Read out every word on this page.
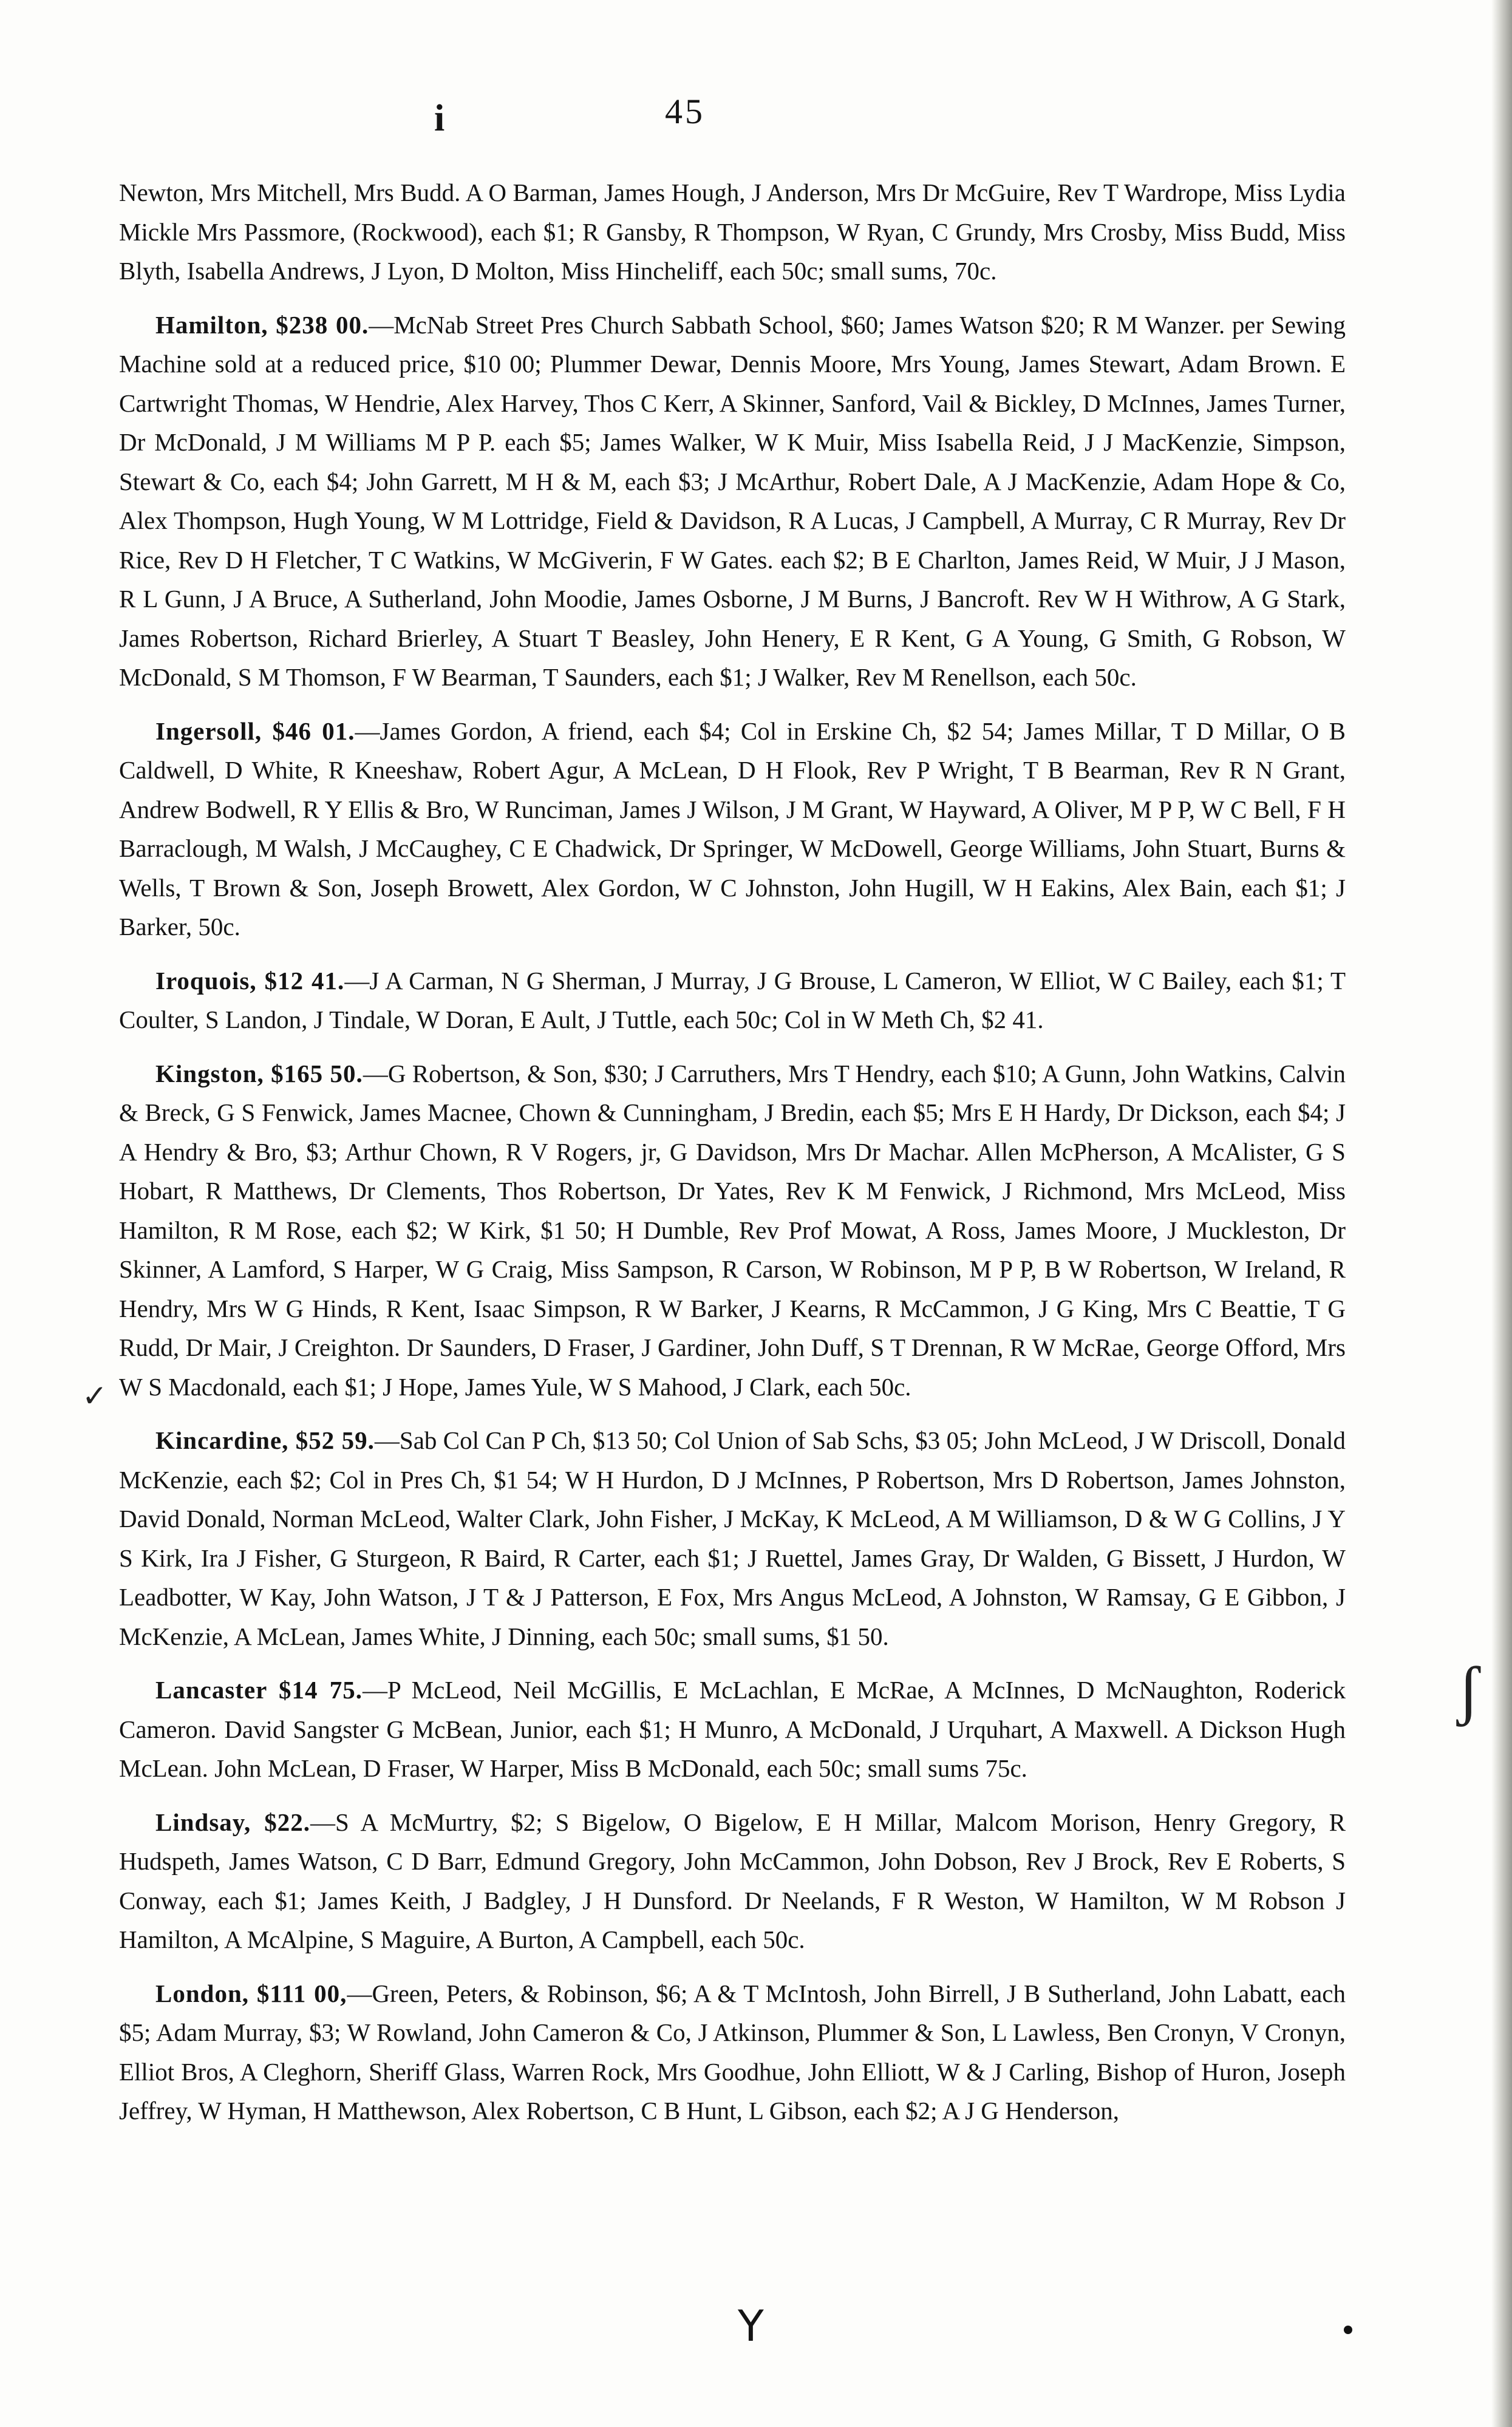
i	45

Newton, Mrs Mitchell, Mrs Budd. A O Barman, James Hough, J Anderson, Mrs Dr McGuire, Rev T Wardrope, Miss Lydia Mickle Mrs Passmore, (Rockwood), each $1; R Gansby, R Thompson, W Ryan, C Grundy, Mrs Crosby, Miss Budd, Miss Blyth, Isabella Andrews, J Lyon, D Molton, Miss Hincheliff, each 50c; small sums, 70c.

Hamilton, $238 00.—McNab Street Pres Church Sabbath School, $60; James Watson $20; R M Wanzer. per Sewing Machine sold at a reduced price, $10 00; Plummer Dewar, Dennis Moore, Mrs Young, James Stewart, Adam Brown. E Cartwright Thomas, W Hendrie, Alex Harvey, Thos C Kerr, A Skinner, Sanford, Vail & Bickley, D McInnes, James Turner, Dr McDonald, J M Williams M P P. each $5; James Walker, W K Muir, Miss Isabella Reid, J J MacKenzie, Simpson, Stewart & Co, each $4; John Garrett, M H & M, each $3; J McArthur, Robert Dale, A J MacKenzie, Adam Hope & Co, Alex Thompson, Hugh Young, W M Lottridge, Field & Davidson, R A Lucas, J Campbell, A Murray, C R Murray, Rev Dr Rice, Rev D H Fletcher, T C Watkins, W McGiverin, F W Gates. each $2; B E Charlton, James Reid, W Muir, J J Mason, R L Gunn, J A Bruce, A Sutherland, John Moodie, James Osborne, J M Burns, J Bancroft. Rev W H Withrow, A G Stark, James Robertson, Richard Brierley, A Stuart T Beasley, John Henery, E R Kent, G A Young, G Smith, G Robson, W McDonald, S M Thomson, F W Bearman, T Saunders, each $1; J Walker, Rev M Renellson, each 50c.

Ingersoll, $46 01.—James Gordon, A friend, each $4; Col in Erskine Ch, $2 54; James Millar, T D Millar, O B Caldwell, D White, R Kneeshaw, Robert Agur, A McLean, D H Flook, Rev P Wright, T B Bearman, Rev R N Grant, Andrew Bodwell, R Y Ellis & Bro, W Runciman, James J Wilson, J M Grant, W Hayward, A Oliver, M P P, W C Bell, F H Barraclough, M Walsh, J McCaughey, C E Chadwick, Dr Springer, W McDowell, George Williams, John Stuart, Burns & Wells, T Brown & Son, Joseph Browett, Alex Gordon, W C Johnston, John Hugill, W H Eakins, Alex Bain, each $1; J Barker, 50c.

Iroquois, $12 41.—J A Carman, N G Sherman, J Murray, J G Brouse, L Cameron, W Elliot, W C Bailey, each $1; T Coulter, S Landon, J Tindale, W Doran, E Ault, J Tuttle, each 50c; Col in W Meth Ch, $2 41.

Kingston, $165 50.—G Robertson, & Son, $30; J Carruthers, Mrs T Hendry, each $10; A Gunn, John Watkins, Calvin & Breck, G S Fenwick, James Macnee, Chown & Cunningham, J Bredin, each $5; Mrs E H Hardy, Dr Dickson, each $4; J A Hendry & Bro, $3; Arthur Chown, R V Rogers, jr, G Davidson, Mrs Dr Machar. Allen McPherson, A McAlister, G S Hobart, R Matthews, Dr Clements, Thos Robertson, Dr Yates, Rev K M Fenwick, J Richmond, Mrs McLeod, Miss Hamilton, R M Rose, each $2; W Kirk, $1 50; H Dumble, Rev Prof Mowat, A Ross, James Moore, J Muckleston, Dr Skinner, A Lamford, S Harper, W G Craig, Miss Sampson, R Carson, W Robinson, M P P, B W Robertson, W Ireland, R Hendry, Mrs W G Hinds, R Kent, Isaac Simpson, R W Barker, J Kearns, R McCammon, J G King, Mrs C Beattie, T G Rudd, Dr Mair, J Creighton. Dr Saunders, D Fraser, J Gardiner, John Duff, S T Drennan, R W McRae, George Offord, Mrs W S Macdonald, each $1; J Hope, James Yule, W S Mahood, J Clark, each 50c.

Kincardine, $52 59.—Sab Col Can P Ch, $13 50; Col Union of Sab Schs, $3 05; John McLeod, J W Driscoll, Donald McKenzie, each $2; Col in Pres Ch, $1 54; W H Hurdon, D J McInnes, P Robertson, Mrs D Robertson, James Johnston, David Donald, Norman McLeod, Walter Clark, John Fisher, J McKay, K McLeod, A M Williamson, D & W G Collins, J Y S Kirk, Ira J Fisher, G Sturgeon, R Baird, R Carter, each $1; J Ruettel, James Gray, Dr Walden, G Bissett, J Hurdon, W Leadbotter, W Kay, John Watson, J T & J Patterson, E Fox, Mrs Angus McLeod, A Johnston, W Ramsay, G E Gibbon, J McKenzie, A McLean, James White, J Dinning, each 50c; small sums, $1 50.

Lancaster $14 75.—P McLeod, Neil McGillis, E McLachlan, E McRae, A McInnes, D McNaughton, Roderick Cameron. David Sangster G McBean, Junior, each $1; H Munro, A McDonald, J Urquhart, A Maxwell. A Dickson Hugh McLean. John McLean, D Fraser, W Harper, Miss B McDonald, each 50c; small sums 75c.

Lindsay, $22.—S A McMurtry, $2; S Bigelow, O Bigelow, E H Millar, Malcom Morison, Henry Gregory, R Hudspeth, James Watson, C D Barr, Edmund Gregory, John McCammon, John Dobson, Rev J Brock, Rev E Roberts, S Conway, each $1; James Keith, J Badgley, J H Dunsford. Dr Neelands, F R Weston, W Hamilton, W M Robson J Hamilton, A McAlpine, S Maguire, A Burton, A Campbell, each 50c.

London, $111 00,—Green, Peters, & Robinson, $6; A & T McIntosh, John Birrell, J B Sutherland, John Labatt, each $5; Adam Murray, $3; W Rowland, John Cameron & Co, J Atkinson, Plummer & Son, L Lawless, Ben Cronyn, V Cronyn, Elliot Bros, A Cleghorn, Sheriff Glass, Warren Rock, Mrs Goodhue, John Elliott, W & J Carling, Bishop of Huron, Joseph Jeffrey, W Hyman, H Matthewson, Alex Robertson, C B Hunt, L Gibson, each $2; A J G Henderson,

ʃ
✓
Y
